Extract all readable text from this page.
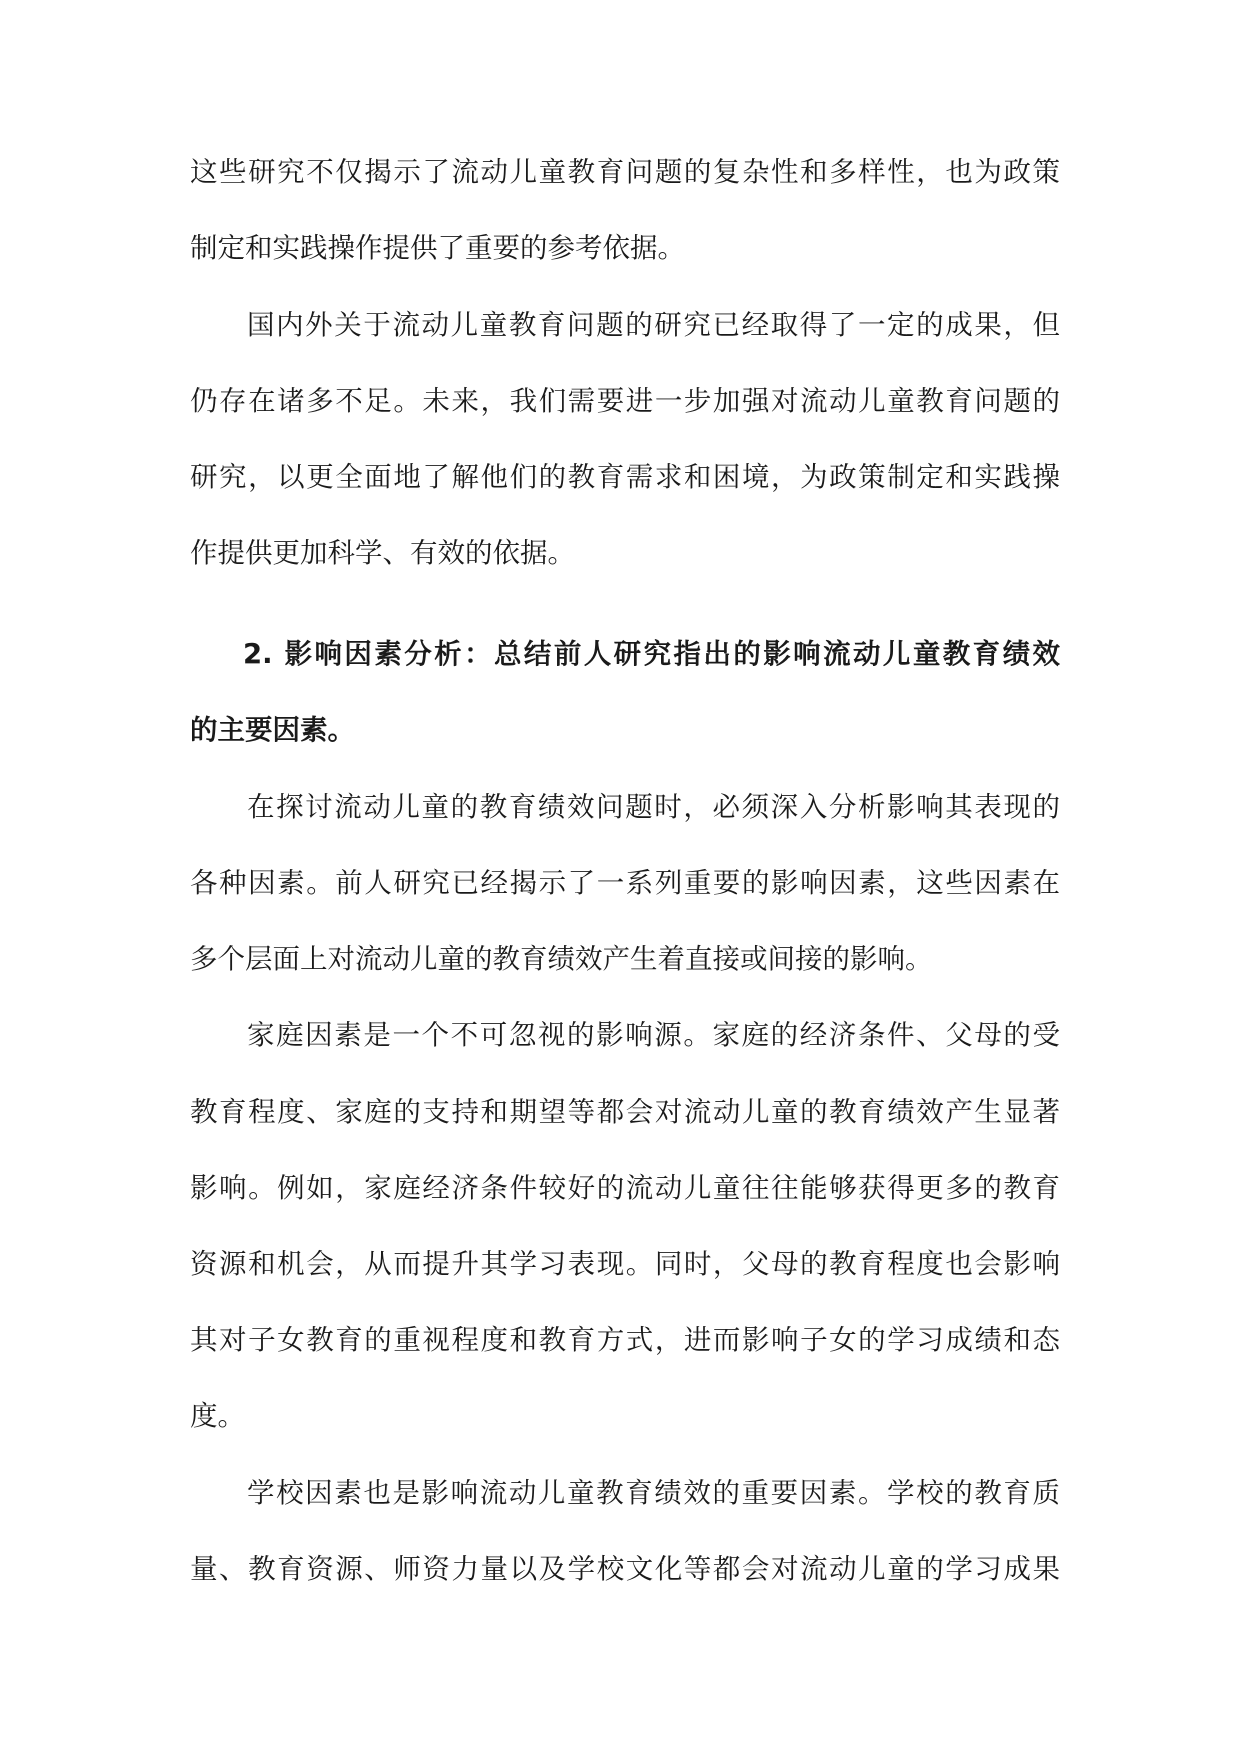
这些研究不仅揭示了流动儿童教育问题的复杂性和多样性，也为政策
制定和实践操作提供了重要的参考依据。
国内外关于流动儿童教育问题的研究已经取得了一定的成果，但
仍存在诸多不足。未来，我们需要进一步加强对流动儿童教育问题的
研究，以更全面地了解他们的教育需求和困境，为政策制定和实践操
作提供更加科学、有效的依据。
2. 影响因素分析：总结前人研究指出的影响流动儿童教育绩效
的主要因素。
在探讨流动儿童的教育绩效问题时，必须深入分析影响其表现的
各种因素。前人研究已经揭示了一系列重要的影响因素，这些因素在
多个层面上对流动儿童的教育绩效产生着直接或间接的影响。
家庭因素是一个不可忽视的影响源。家庭的经济条件、父母的受
教育程度、家庭的支持和期望等都会对流动儿童的教育绩效产生显著
影响。例如，家庭经济条件较好的流动儿童往往能够获得更多的教育
资源和机会，从而提升其学习表现。同时，父母的教育程度也会影响
其对子女教育的重视程度和教育方式，进而影响子女的学习成绩和态
度。
学校因素也是影响流动儿童教育绩效的重要因素。学校的教育质
量、教育资源、师资力量以及学校文化等都会对流动儿童的学习成果
